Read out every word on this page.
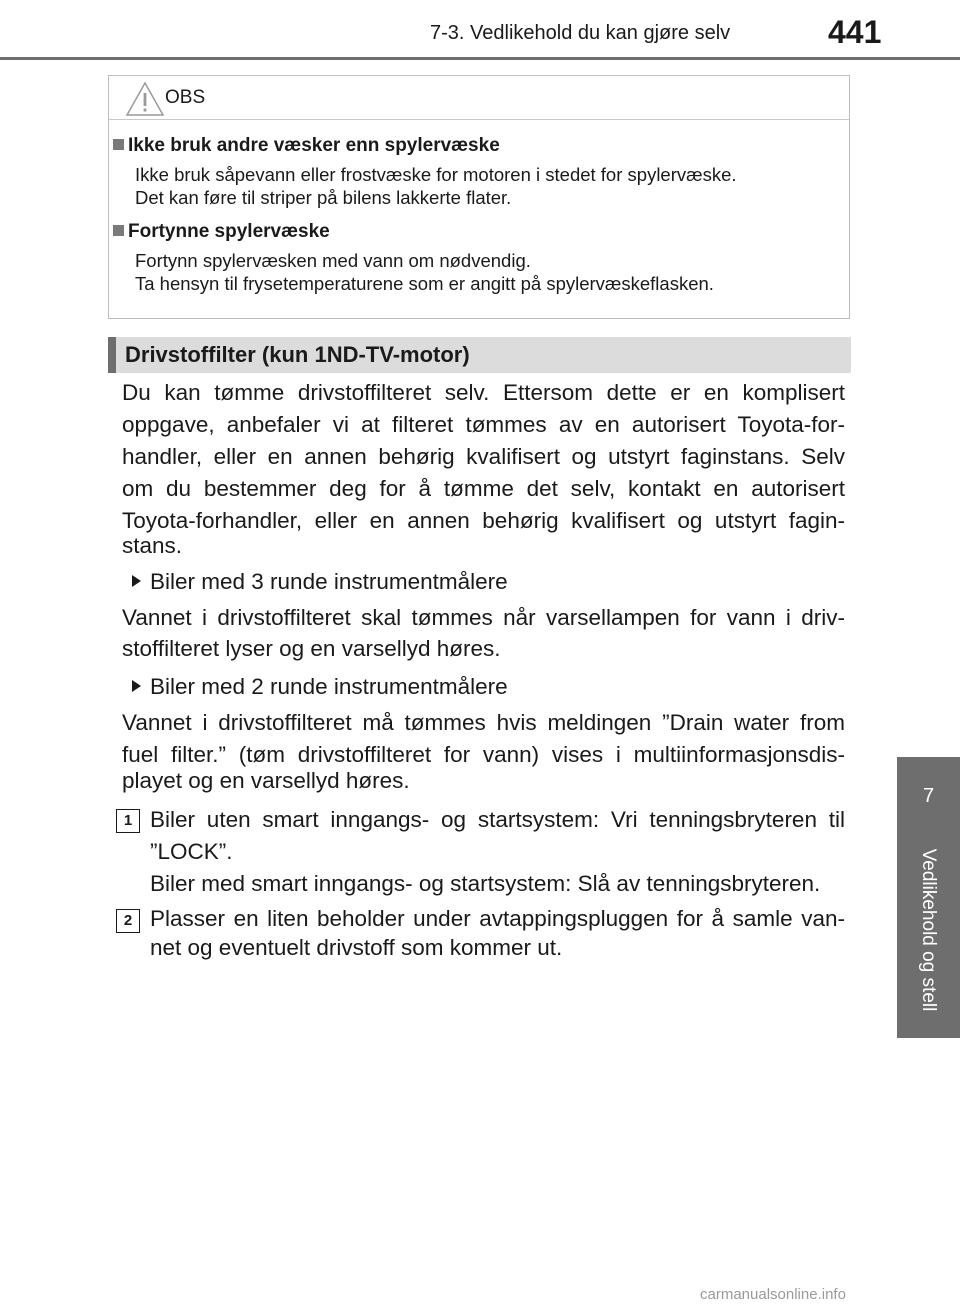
7-3. Vedlikehold du kan gjøre selv	441
7
Vedlikehold og stell
OBS
Ikke bruk andre væsker enn spylervæske
Ikke bruk såpevann eller frostvæske for motoren i stedet for spylervæske.
Det kan føre til striper på bilens lakkerte flater.
Fortynne spylervæske
Fortynn spylervæsken med vann om nødvendig.
Ta hensyn til frysetemperaturene som er angitt på spylervæskeflasken.
Drivstoffilter (kun 1ND-TV-motor)
Du kan tømme drivstoffilteret selv. Ettersom dette er en komplisert
oppgave, anbefaler vi at filteret tømmes av en autorisert Toyota-for-
handler, eller en annen behørig kvalifisert og utstyrt faginstans. Selv
om du bestemmer deg for å tømme det selv, kontakt en autorisert
Toyota-forhandler, eller en annen behørig kvalifisert og utstyrt fagin-
stans.
Biler med 3 runde instrumentmålere
Vannet i drivstoffilteret skal tømmes når varsellampen for vann i driv-
stoffilteret lyser og en varsellyd høres.
Biler med 2 runde instrumentmålere
Vannet i drivstoffilteret må tømmes hvis meldingen ”Drain water from
fuel filter.” (tøm drivstoffilteret for vann) vises i multiinformasjonsdis-
playet og en varsellyd høres.
1 Biler uten smart inngangs- og startsystem: Vri tenningsbryteren til
”LOCK”.
Biler med smart inngangs- og startsystem: Slå av tenningsbryteren.
2 Plasser en liten beholder under avtappingspluggen for å samle van-
net og eventuelt drivstoff som kommer ut.
carmanualsonline.info
